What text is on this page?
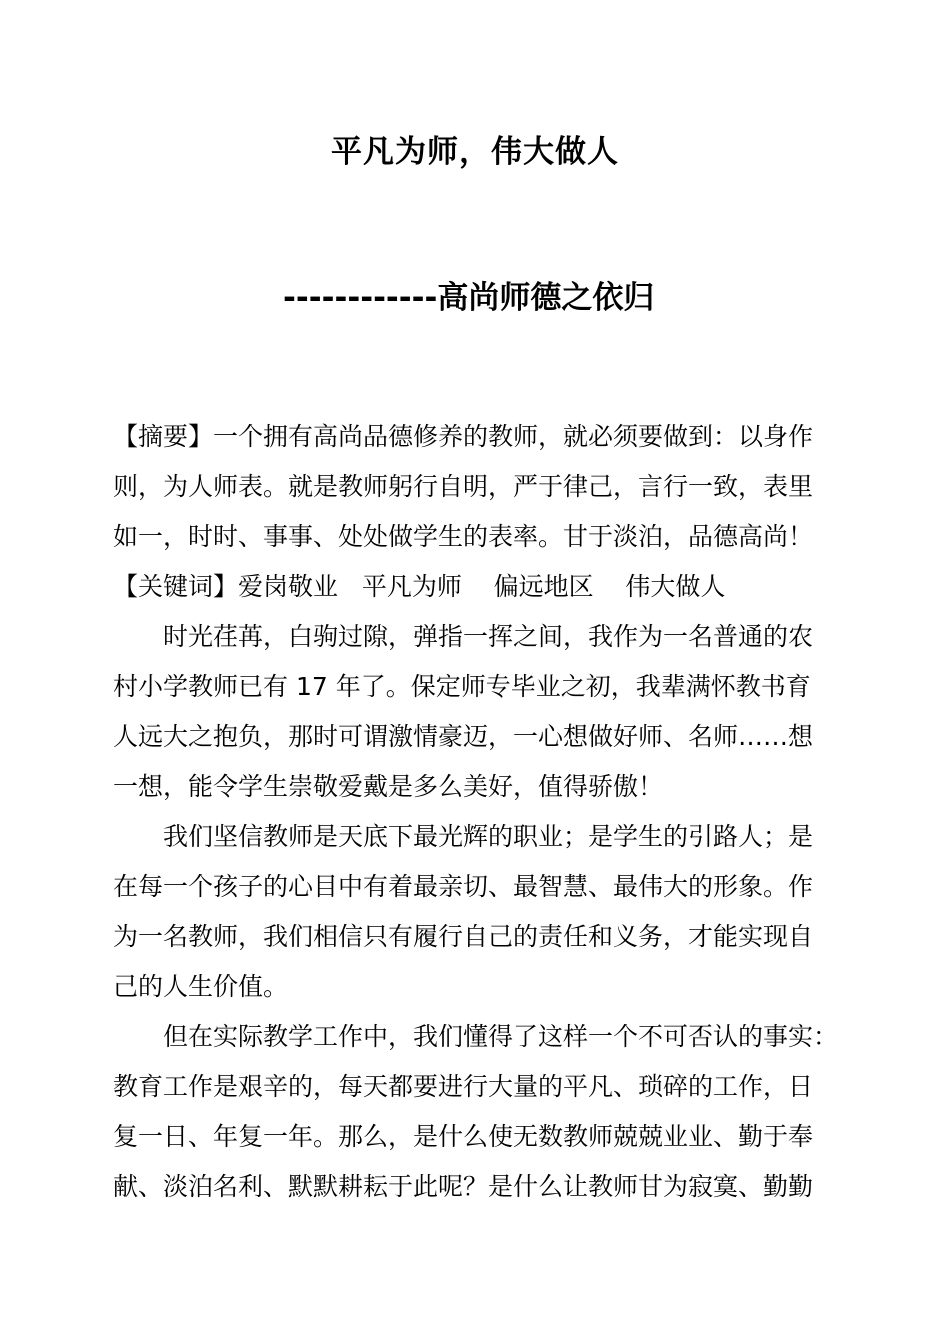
平凡为师，伟大做人
------------高尚师德之依归
【摘要】一个拥有高尚品德修养的教师，就必须要做到：以身作
则，为人师表。就是教师躬行自明，严于律己，言行一致，表里
如一，时时、事事、处处做学生的表率。甘于淡泊，品德高尚！
【关键词】爱岗敬业   平凡为师    偏远地区    伟大做人
时光荏苒，白驹过隙，弹指一挥之间，我作为一名普通的农
村小学教师已有 17 年了。保定师专毕业之初，我辈满怀教书育
人远大之抱负，那时可谓激情豪迈，一心想做好师、名师……想
一想，能令学生崇敬爱戴是多么美好，值得骄傲！
我们坚信教师是天底下最光辉的职业；是学生的引路人；是
在每一个孩子的心目中有着最亲切、最智慧、最伟大的形象。作
为一名教师，我们相信只有履行自己的责任和义务，才能实现自
己的人生价值。
但在实际教学工作中，我们懂得了这样一个不可否认的事实：
教育工作是艰辛的，每天都要进行大量的平凡、琐碎的工作，日
复一日、年复一年。那么，是什么使无数教师兢兢业业、勤于奉
献、淡泊名利、默默耕耘于此呢？是什么让教师甘为寂寞、勤勤
